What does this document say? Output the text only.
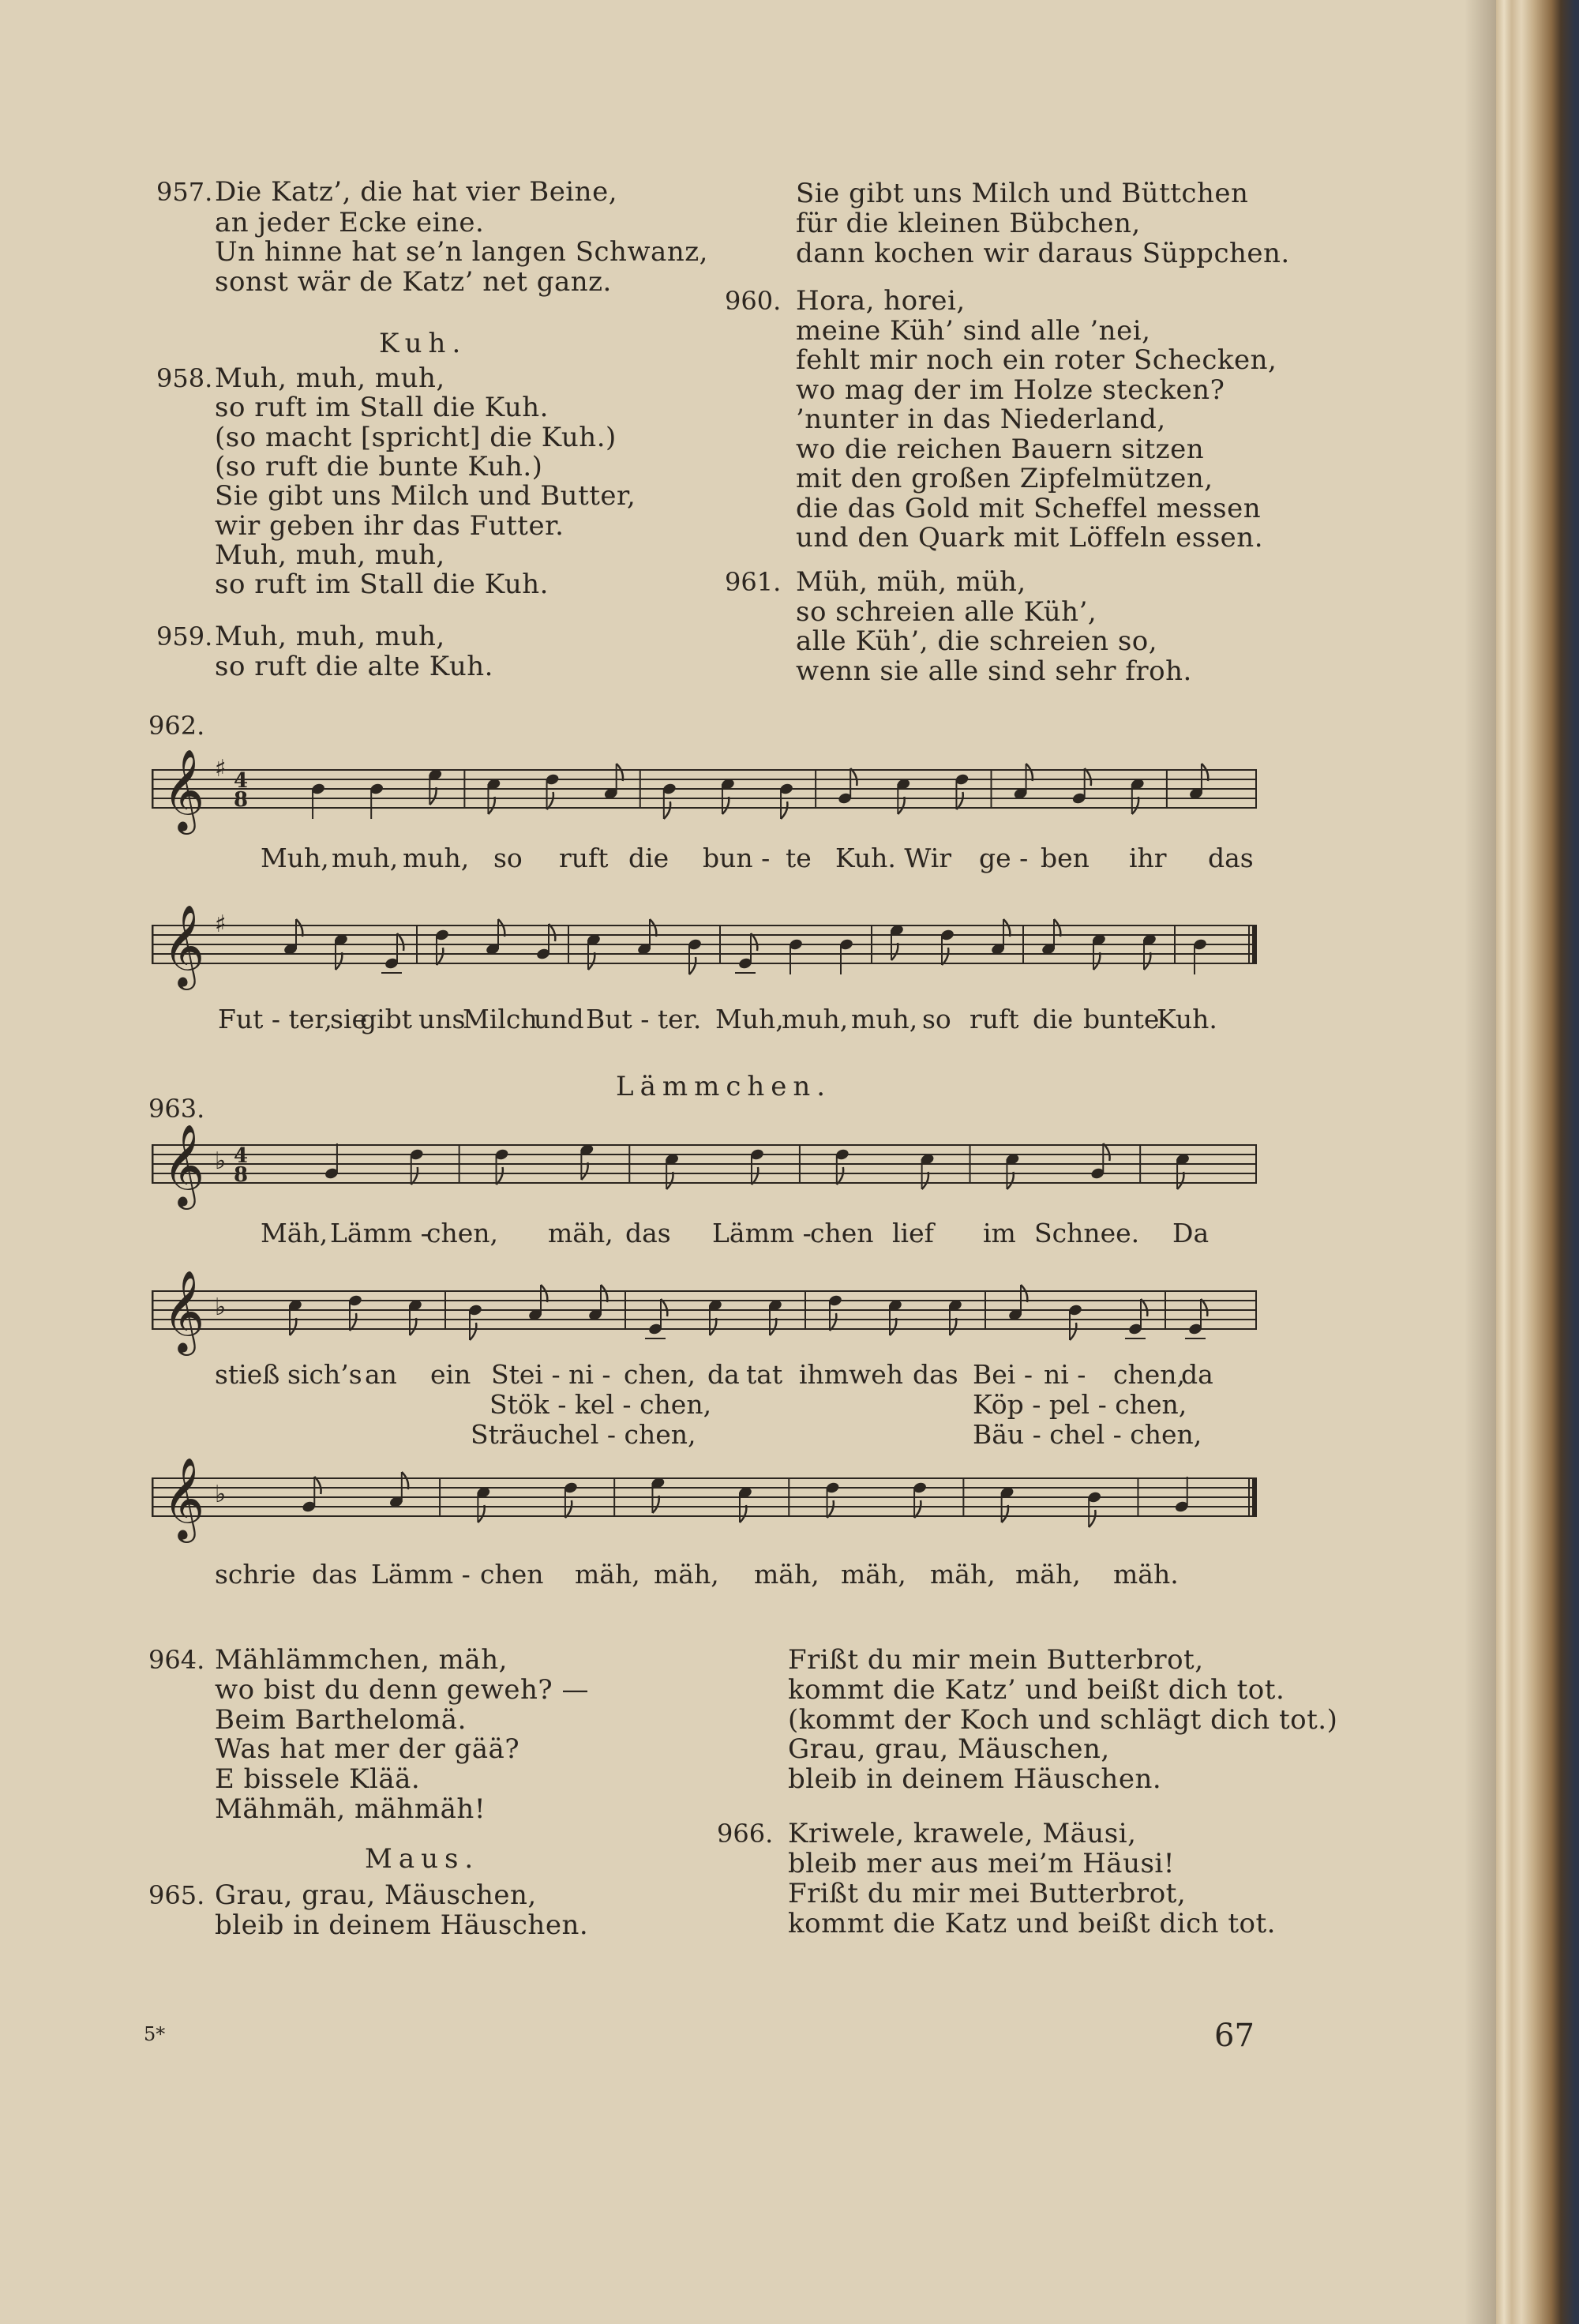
957. Die Katz’, die hat vier Beine,
an jeder Ecke eine.
Un hinne hat se’n langen Schwanz,
sonst wär de Katz’ net ganz.
Kuh.
958. Muh, muh, muh,
so ruft im Stall die Kuh.
(so macht [spricht] die Kuh.)
(so ruft die bunte Kuh.)
Sie gibt uns Milch und Butter,
wir geben ihr das Futter.
Muh, muh, muh,
so ruft im Stall die Kuh.
959. Muh, muh, muh,
so ruft die alte Kuh.
Sie gibt uns Milch und Büttchen
für die kleinen Bübchen,
dann kochen wir daraus Süppchen.
960. Hora, horei,
meine Küh’ sind alle ’nei,
fehlt mir noch ein roter Schecken,
wo mag der im Holze stecken?
’nunter in das Niederland,
wo die reichen Bauern sitzen
mit den großen Zipfelmützen,
die das Gold mit Scheffel messen
und den Quark mit Löffeln essen.
961. Müh, müh, müh,
so schreien alle Küh’,
alle Küh’, die schreien so,
wenn sie alle sind sehr froh.
962.
𝄞 ♯ 4
8
Muh, muh, muh, so ruft die bun - te Kuh. Wir ge - ben ihr das
𝄞 ♯
Fut - ter,
sie
gibt uns
Milch
und But - ter. Muh,
muh, muh, so ruft die bunte
Kuh.
Lämmchen.
963.
𝄞 ♭ 4
8
Mäh, Lämm -
chen, mäh, das Lämm -
chen lief im Schnee. Da
𝄞 ♭
stieß sich’s an ein Stei - ni - chen, da tat ihm weh das Bei - ni - chen,
da
Stök - kel - chen,	Köp - pel - chen,
Sträuchel - chen,	Bäu - chel - chen,
𝄞 ♭
schrie das Lämm - chen mäh, mäh, mäh, mäh, mäh, mäh, mäh.
964. Mählämmchen, mäh,
wo bist du denn geweh? —
Beim Barthelomä.
Was hat mer der gää?
E bissele Klää.
Mähmäh, mähmäh!
Maus.
965. Grau, grau, Mäuschen,
bleib in deinem Häuschen.
Frißt du mir mein Butterbrot,
kommt die Katz’ und beißt dich tot.
(kommt der Koch und schlägt dich tot.)
Grau, grau, Mäuschen,
bleib in deinem Häuschen.
966. Kriwele, krawele, Mäusi,
bleib mer aus mei’m Häusi!
Frißt du mir mei Butterbrot,
kommt die Katz und beißt dich tot.
5*	67
